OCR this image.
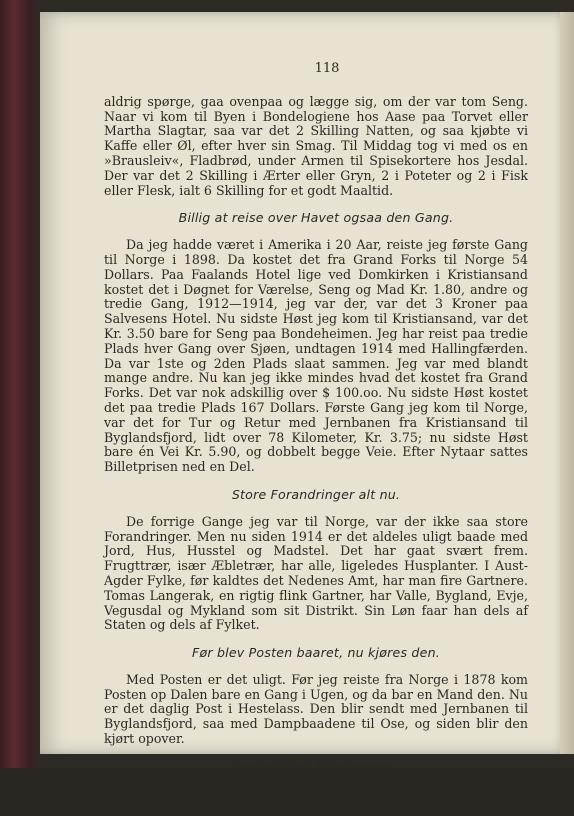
118

aldrig spørge, gaa ovenpaa og lægge sig, om der var tom Seng. Naar vi kom til Byen i Bondelogiene hos Aase paa Torvet eller Martha Slagtar, saa var det 2 Skilling Natten, og saa kjøbte vi Kaffe eller Øl, efter hver sin Smag. Til Middag tog vi med os en »Brausleiv«, Fladbrød, under Armen til Spisekortere hos Jesdal. Der var det 2 Skilling i Ærter eller Gryn, 2 i Poteter og 2 i Fisk eller Flesk, ialt 6 Skilling for et godt Maaltid.

Billig at reise over Havet ogsaa den Gang.

Da jeg hadde været i Amerika i 20 Aar, reiste jeg første Gang til Norge i 1898. Da kostet det fra Grand Forks til Norge 54 Dollars. Paa Faalands Hotel lige ved Domkirken i Kristiansand kostet det i Døgnet for Værelse, Seng og Mad Kr. 1.80, andre og tredie Gang, 1912—1914, jeg var der, var det 3 Kroner paa Salvesens Hotel. Nu sidste Høst jeg kom til Kristiansand, var det Kr. 3.50 bare for Seng paa Bondeheimen. Jeg har reist paa tredie Plads hver Gang over Sjøen, undtagen 1914 med Hallingfærden. Da var 1ste og 2den Plads slaat sammen. Jeg var med blandt mange andre. Nu kan jeg ikke mindes hvad det kostet fra Grand Forks. Det var nok adskillig over $ 100.oo. Nu sidste Høst kostet det paa tredie Plads 167 Dollars. Første Gang jeg kom til Norge, var det for Tur og Retur med Jernbanen fra Kristiansand til Byglandsfjord, lidt over 78 Kilometer, Kr. 3.75; nu sidste Høst bare én Vei Kr. 5.90, og dobbelt begge Veie. Efter Nytaar sattes Billetprisen ned en Del.

Store Forandringer alt nu.

De forrige Gange jeg var til Norge, var der ikke saa store Forandringer. Men nu siden 1914 er det aldeles uligt baade med Jord, Hus, Husstel og Madstel. Det har gaat svært frem. Frugttrær, især Æbletrær, har alle, ligeledes Husplanter. I Aust-Agder Fylke, før kaldtes det Nedenes Amt, har man fire Gartnere. Tomas Langerak, en rigtig flink Gartner, har Valle, Bygland, Evje, Vegusdal og Mykland som sit Distrikt. Sin Løn faar han dels af Staten og dels af Fylket.

Før blev Posten baaret, nu kjøres den.

Med Posten er det uligt. Før jeg reiste fra Norge i 1878 kom Posten op Dalen bare en Gang i Ugen, og da bar en Mand den. Nu er det daglig Post i Hestelass. Den blir sendt med Jernbanen til Byglandsfjord, saa med Dampbaadene til Ose, og siden blir den kjørt opover.

Pengeflom i Krigsaarene.

I Krigsaarene og nogle Aar efter kom der saa mange Penge til Norge, at de vidste mest ikke, hvad de skulde gjøre med dem.
